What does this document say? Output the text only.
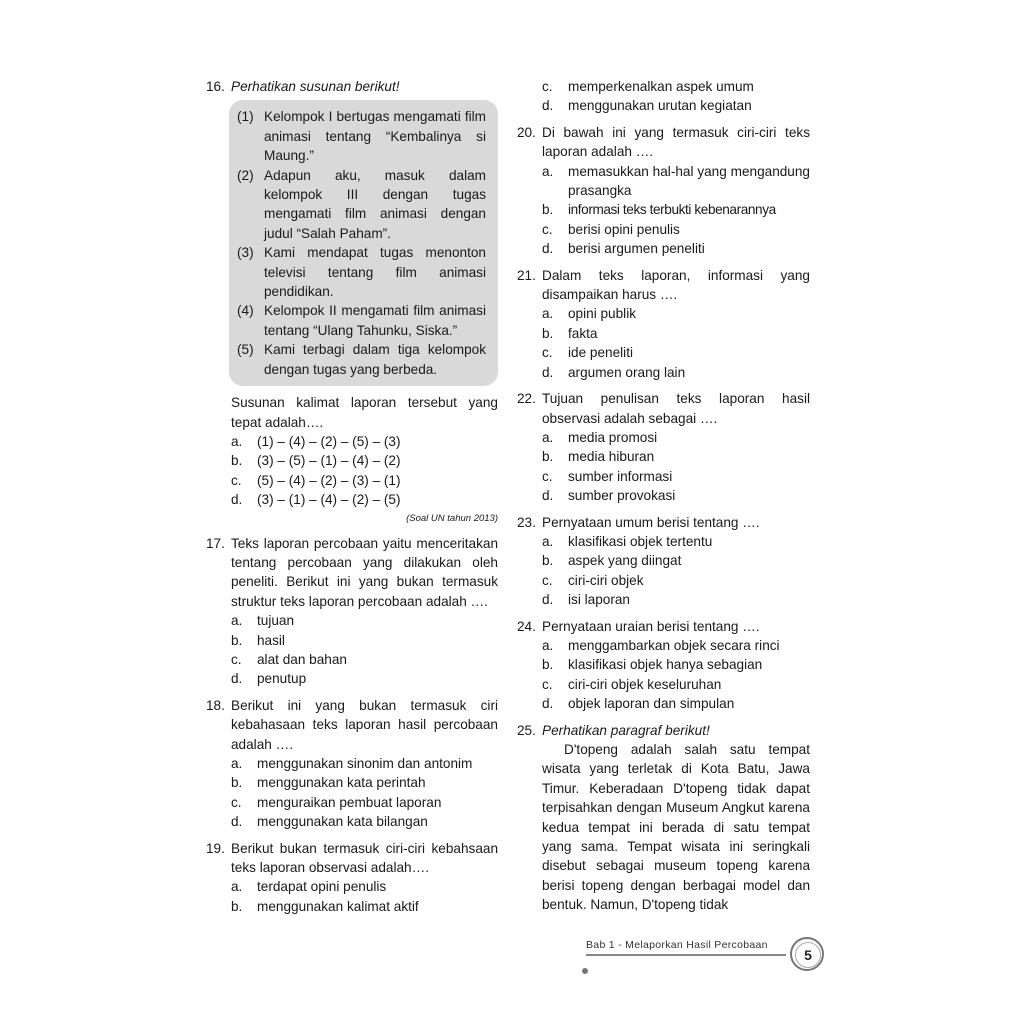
16. Perhatikan susunan berikut!
(1) Kelompok I bertugas mengamati film animasi tentang “Kembalinya si Maung.”
(2) Adapun aku, masuk dalam kelompok III dengan tugas mengamati film animasi dengan judul “Salah Paham”.
(3) Kami mendapat tugas menonton televisi tentang film animasi pendidikan.
(4) Kelompok II mengamati film animasi tentang “Ulang Tahunku, Siska.”
(5) Kami terbagi dalam tiga kelompok dengan tugas yang berbeda.
Susunan kalimat laporan tersebut yang tepat adalah….
a. (1) – (4) – (2) – (5) – (3)
b. (3) – (5) – (1) – (4) – (2)
c. (5) – (4) – (2) – (3) – (1)
d. (3) – (1) – (4) – (2) – (5)
(Soal UN tahun 2013)
17. Teks laporan percobaan yaitu menceritakan tentang percobaan yang dilakukan oleh peneliti. Berikut ini yang bukan termasuk struktur teks laporan percobaan adalah ….
a. tujuan
b. hasil
c. alat dan bahan
d. penutup
18. Berikut ini yang bukan termasuk ciri kebahasaan teks laporan hasil percobaan adalah ….
a. menggunakan sinonim dan antonim
b. menggunakan kata perintah
c. menguraikan pembuat laporan
d. menggunakan kata bilangan
19. Berikut bukan termasuk ciri-ciri kebahsaan teks laporan observasi adalah….
a. terdapat opini penulis
b. menggunakan kalimat aktif
c. memperkenalkan aspek umum
d. menggunakan urutan kegiatan
20. Di bawah ini yang termasuk ciri-ciri teks laporan adalah ….
a. memasukkan hal-hal yang mengandung prasangka
b. informasi teks terbukti kebenarannya
c. berisi opini penulis
d. berisi argumen peneliti
21. Dalam teks laporan, informasi yang disampaikan harus ….
a. opini publik
b. fakta
c. ide peneliti
d. argumen orang lain
22. Tujuan penulisan teks laporan hasil observasi adalah sebagai ….
a. media promosi
b. media hiburan
c. sumber informasi
d. sumber provokasi
23. Pernyataan umum berisi tentang ….
a. klasifikasi objek tertentu
b. aspek yang diingat
c. ciri-ciri objek
d. isi laporan
24. Pernyataan uraian berisi tentang ….
a. menggambarkan objek secara rinci
b. klasifikasi objek hanya sebagian
c. ciri-ciri objek keseluruhan
d. objek laporan dan simpulan
25. Perhatikan paragraf berikut!
D'topeng adalah salah satu tempat wisata yang terletak di Kota Batu, Jawa Timur. Keberadaan D'topeng tidak dapat terpisahkan dengan Museum Angkut karena kedua tempat ini berada di satu tempat yang sama. Tempat wisata ini seringkali disebut sebagai museum topeng karena berisi topeng dengan berbagai model dan bentuk. Namun, D'topeng tidak
Bab 1 - Melaporkan Hasil Percobaan
5
